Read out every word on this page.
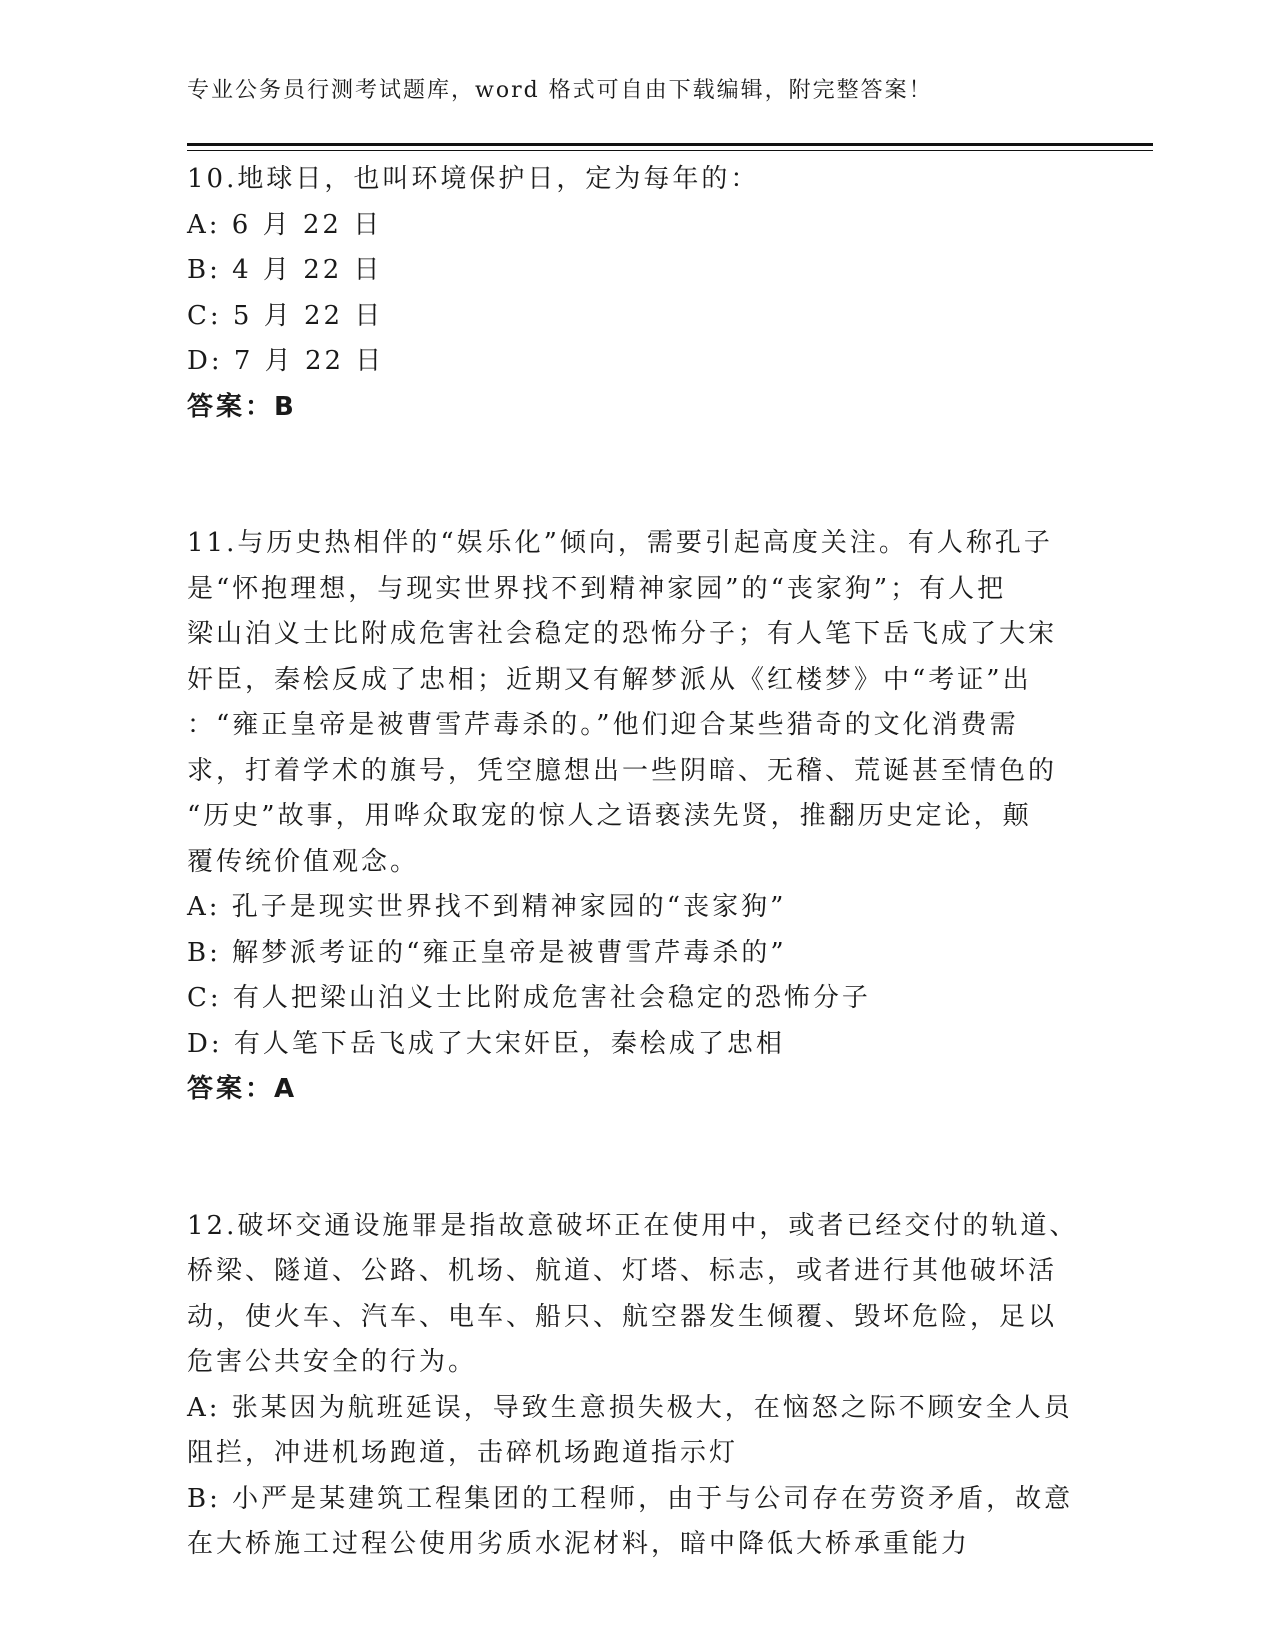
专业公务员行测考试题库，word 格式可自由下载编辑，附完整答案！

10.地球日，也叫环境保护日，定为每年的：

A: 6 月 22 日

B: 4 月 22 日

C: 5 月 22 日

D: 7 月 22 日

答案：B

11.与历史热相伴的“娱乐化”倾向，需要引起高度关注。有人称孔子

是“怀抱理想，与现实世界找不到精神家园”的“丧家狗”；有人把

梁山泊义士比附成危害社会稳定的恐怖分子；有人笔下岳飞成了大宋

奸臣，秦桧反成了忠相；近期又有解梦派从《红楼梦》中“考证”出

：“雍正皇帝是被曹雪芹毒杀的。”他们迎合某些猎奇的文化消费需

求，打着学术的旗号，凭空臆想出一些阴暗、无稽、荒诞甚至情色的

“历史”故事，用哗众取宠的惊人之语亵渎先贤，推翻历史定论，颠

覆传统价值观念。

A: 孔子是现实世界找不到精神家园的“丧家狗”

B: 解梦派考证的“雍正皇帝是被曹雪芹毒杀的”

C: 有人把梁山泊义士比附成危害社会稳定的恐怖分子

D: 有人笔下岳飞成了大宋奸臣，秦桧成了忠相

答案：A

12.破坏交通设施罪是指故意破坏正在使用中，或者已经交付的轨道、

桥梁、隧道、公路、机场、航道、灯塔、标志，或者进行其他破坏活

动，使火车、汽车、电车、船只、航空器发生倾覆、毁坏危险，足以

危害公共安全的行为。

A: 张某因为航班延误，导致生意损失极大，在恼怒之际不顾安全人员

阻拦，冲进机场跑道，击碎机场跑道指示灯

B: 小严是某建筑工程集团的工程师，由于与公司存在劳资矛盾，故意

在大桥施工过程公使用劣质水泥材料，暗中降低大桥承重能力
